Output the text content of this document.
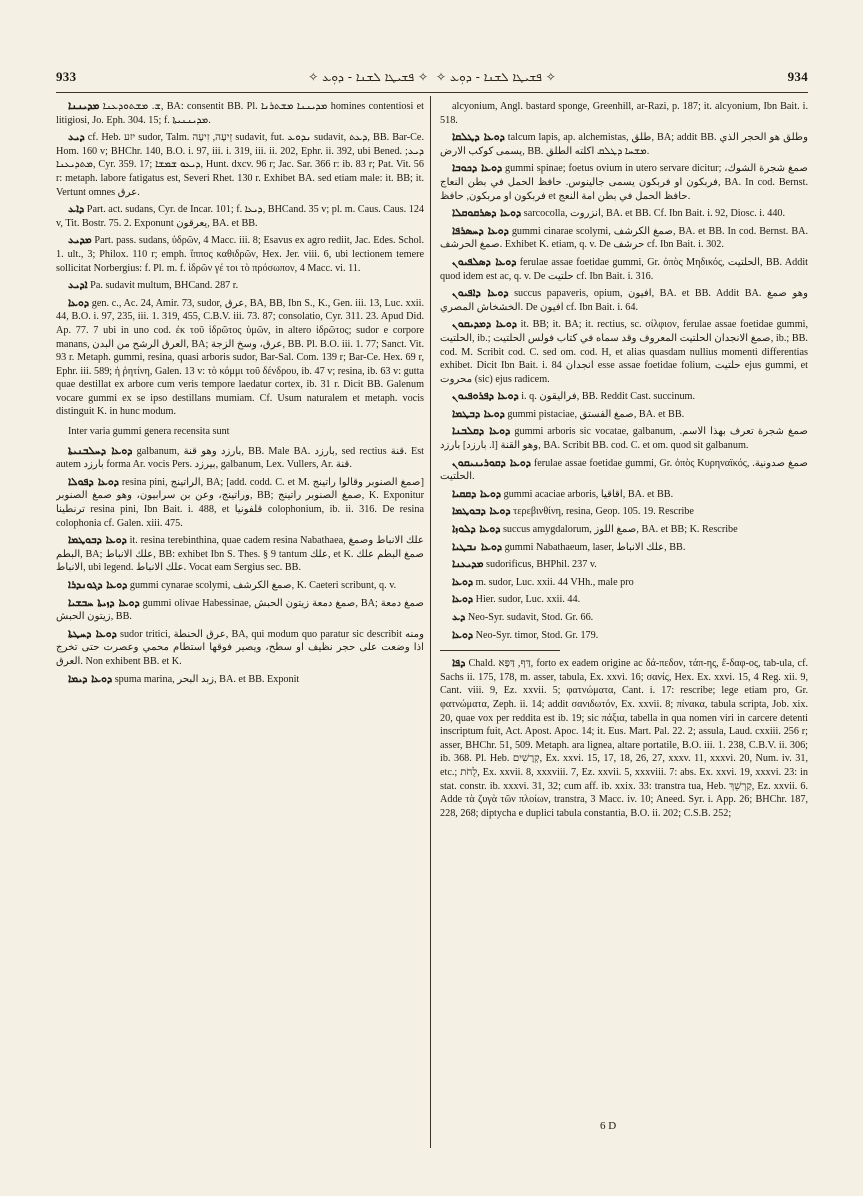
933	✧ ܦܫܝܛܐ ܠܫܢܐ - ܕܘܼܥ ✧ ✧ ܦܫܝܛܐ ܠܫܢܐ - ܕܘܼܥ ✧	934

ܡܕܝܢܢܐ ܫ. ܡܫܬܘܕܥܢܐ, BA: consentit BB. Pl. ܡܕܝܢܢܐ ܡܫܬܪܢܐ homines contentiosi et litigiosi, Jo. Eph. 304. 15; f. ܡܕܝܢܢܝܬܐ.

ܕܝܥ cf. Heb. יזע sudor, Talm. זֵיעָה, זִיעָה sudavit, fut. ܢܕܘܥ sudavit, ܕܥܬ, BB. Bar-Ce. Hom. 160 v; BHChr. 140, B.O. i. 97, iii. i. 319, iii. ii. 202, Ephr. ii. 392, ubi Bened. ܕܝܥ; ܡܬܕܝܥܢܐ, Cyr. 359. 17; ܕܝܥܘ ܫܡܫܐ, Hunt. dxcv. 96 r; Jac. Sar. 366 r: ib. 83 r; Pat. Vit. 56 r: metaph. labore fatigatus est, Severi Rhet. 130 r. Exhibet BA. sed etiam male: it. BB; it. Vertunt omnes عرق.

ܕܐܥ Part. act. sudans, Cyr. de Incar. 101; f. ܕܝܥܐ, BHCand. 35 v; pl. m. Caus. Caus. 124 v, Tit. Bostr. 75. 2. Exponunt يعرقون, BA. et BB.

ܡܕܝܥ Part. pass. sudans, ὑδρῶν, 4 Macc. iii. 8; Esavus ex agro rediit, Jac. Edes. Schol. 1. ult., 3; Philox. 110 r; emph. ἵππος καθιδρῶν, Hex. Jer. viii. 6, ubi lectionem temere sollicitat Norbergius: f. Pl. m. f. ἱδρῶν γέ τοι τὸ πρόσωπον, 4 Macc. vi. 11.

ܐܕܝܥ Pa. sudavit multum, BHCand. 287 r.

ܕܘܥܐ gen. c., Ac. 24, Amir. 73, sudor, عرق, BA, BB, Ibn S., K., Gen. iii. 13, Luc. xxii. 44, B.O. i. 97, 235, iii. 1. 319, 455, C.B.V. iii. 73. 87; consolatio, Cyr. 311. 23. Apud Did. Ap. 77. 7 ubi in uno cod. ἐκ τοῦ ἱδρῶτος ὑμῶν, in altero ἱδρῶτος; sudor e corpore manans, العرق الرشح من البدن, BA; عرق، وسخ الزجة, BB. Pl. B.O. iii. 1. 77; Sanct. Vit. 93 r. Metaph. gummi, resina, quasi arboris sudor, Bar-Sal. Com. 139 r; Bar-Ce. Hex. 69 r, Ephr. iii. 589; ἡ ῥητίνη, Galen. 13 v: τὸ κόμμι τοῦ δένδρου, ib. 47 v; resina, ib. 63 v: gutta quae destillat ex arbore cum veris tempore laedatur cortex, ib. 31 r. Dicit BB. Galenum vocare gummi ex se ipso destillans mumiam. Cf. Usum naturalem et metaph. vocis distinguit K. in hunc modum.

Inter varia gummi genera recensita sunt

ܕܘܥܐ ܕܚܠܒܢܝܬܐ galbanum, بارزد وهو قنة, BB. Male BA. بارزد, sed rectius قنة. Est autem بارزد forma Ar. vocis Pers. بيرزد, galbanum, Lex. Vullers, Ar. قنة.

ܕܘܥܐ ܕܦܘܠܐ resina pini, الراتينج, BA; [add. codd. C. et M. صمغ الصنوبر وقالوا راتينج] وراتينج، وعن بن سرابيون، وهو صمغ الصنوبر, BB; صمغ الصنوبر راتينج, K. Exponitur ترنطينا resina pini, Ibn Bait. i. 488, et قلفونيا colophonium, ib. ii. 316. De resina colophonia cf. Galen. xiii. 475.

ܕܘܥܐ ܕܒܘܛܡܐ it. resina terebinthina, quae cadem resina Nabathaea, علك الانباط وصمغ البطم, BA; علك الانباط, BB: exhibet Ibn S. Thes. § 9 tantum علك, et K. صمغ البطم علك الانباط, ubi legend. علك الانباط. Vocat eam Sergius sec. BB.

ܕܘܥܐ ܕܓܘܢܕܪܐ gummi cynarae scolymi, صمغ الكرشف, K. Caeteri scribunt, q. v.

ܕܘܥܐ ܕܙܝܬܐ ܚܒܫܝܐ gummi olivae Habessinae, صمغ دمعة زيتون الحبش, BA; صمغ دمعة زيتون الحبش, BB.

ܕܘܥܐ ܕܚܛܬܐ sudor tritici, عرق الحنطة, BA, qui modum quo paratur sic describit ومنه اذا وضعت على حجر نظيف او سطح، ويصير فوقها استطام محمي وعصرت حتى تخرج العرق. Non exhibent BB. et K.

ܕܘܥܐ ܕܝܡܐ spuma marina, زبد البحر, BA. et BB. Exponit

alcyonium, Angl. bastard sponge, Greenhill, ar-Razi, p. 187; it. alcyonium, Ibn Bait. i. 518.

ܕܘܥܐ ܕܛܠܩܐ talcum lapis, ap. alchemistas, طلق, BA; addit BB. وطلق هو الحجر الذي يسمى كوكب الارض, BB. ܡܫܚܐ ܕܛܠܩ اكلته الطلق.

ܕܘܥܐ ܕܟܘܒܐ gummi spinae; foetus ovium in utero servare dicitur; صمغ شجرة الشوك، فربكون او فربكون يسمى جالينوس. حافظ الحمل في بطن النعاج, BA. In cod. Bernst. فربكون او مربكون, حافظ et حافظ الحمل في بطن امة النعج.

ܕܘܥܐ ܕܣܪܩܘܩܠܐ sarcocolla, انزروت, BA. et BB. Cf. Ibn Bait. i. 92, Diosc. i. 440.

ܕܘܥܐ ܕܚܣܪܦܐ gummi cinarae scolymi, صمغ الكرشف, BA. et BB. In cod. Bernst. BA. صمغ الحرشف. Exhibet K. etiam, q. v. De حرشف cf. Ibn Bait. i. 302.

ܕܘܥܐ ܕܣܠܦܝܘܢ ferulae assae foetidae gummi, Gr. ὀπὸς Μηδικός, الحلتيت, BB. Addit quod idem est ac, q. v. De حلتيت cf. Ibn Bait. i. 316.

ܕܘܥܐ ܕܐܦܝܘܢ succus papaveris, opium, افيون, BA. et BB. Addit BA. وهو صمغ الخشخاش المصري. De افيون cf. Ibn Bait. i. 64.

ܕܘܥܐ ܕܡܕܝܩܘܢ it. BB; it. BA; it. rectius, sc. σίλφιον, ferulae assae foetidae gummi, الحلتيت, ib.; صمغ الانجدان الحلتيت المعروف وقد سماه في كتاب فولس الحلتيت, ib.; BB. cod. M. Scribit cod. C. sed om. cod. H, et alias quasdam nullius momenti differentias exhibet. Dicit Ibn Bait. i. 84 انجدان esse assae foetidae folium, حلتيت ejus gummi, et محروت (sic) ejus radicem.

ܕܘܥܐ ܕܦܪܘܦܝܘܢ i. q. فراليقون, BB. Reddit Cast. succinum.

ܕܘܥܐ ܕܒܛܡܐ gummi pistaciae, صمغ الفستق, BA. et BB.

ܕܘܥܐ ܕܩܠܒܢܐ gummi arboris sic vocatae, galbanum, صمغ شجرة تعرف بهذا الاسم. بارزد [بارزد .l] وهو القنة, BA. Scribit BB. cod. C. et om. quod sit galbanum.

ܕܘܥܐ ܕܩܘܪܝܢܝܩܘܢ ferulae assae foetidae gummi, Gr. ὀπὸς Κυρηναϊκός, صمغ صدونية. الحلتيت.

ܕܘܥܐ ܕܩܩܝܐ gummi acaciae arboris, اقاقيا, BA. et BB.

ܕܘܥܐ ܕܒܘܛܡܐ τερεβινθίνη, resina, Geop. 105. 19. Rescribe

ܕܘܥܐ ܕܠܘܙܐ succus amygdalorum, صمغ اللوز, BA. et BB; K. Rescribe

ܕܘܥܐ ܢܒܛܝܐ gummi Nabathaeum, laser, علك الانباط, BB.

ܡܕܝܥܢܐ sudorificus, BHPhil. 237 v.

ܕܘܥܐ m. sudor, Luc. xxii. 44 VHh., male pro

ܕܘܥܐ Hier. sudor, Luc. xxii. 44.

ܕܥ Neo-Syr. sudavit, Stod. Gr. 66.

ܕܘܥܐ Neo-Syr. timor, Stod. Gr. 179.

ܕܦܐ Chald. דַּף, דַּפָּא, forto ex eadem origine ac δά-πεδον, τάπ-ης, ἔ-δαφ-ος, tab-ula, cf. Sachs ii. 175, 178, m. asser, tabula, Ex. xxvi. 16; σανίς, Hex. Ex. xxvi. 15, 4 Reg. xii. 9, Cant. viii. 9, Ez. xxvii. 5; φατνώματα, Cant. i. 17: rescribe; lege etiam pro, Gr. φατνώματα, Zeph. ii. 14; addit σανιδωτόν, Ex. xxvii. 8; πίνακα, tabula scripta, Job. xix. 20, quae vox per reddita est ib. 19; sic πάξια, tabella in qua nomen viri in carcere detenti inscriptum fuit, Act. Apost. Apoc. 14; it. Eus. Mart. Pal. 22. 2; assula, Laud. cxxiii. 256 r; asser, BHChr. 51, 509. Metaph. ara lignea, altare portatile, B.O. iii. 1. 238, C.B.V. ii. 306; ib. 368. Pl. Heb. קְרָשִׁים, Ex. xxvi. 15, 17, 18, 26, 27, xxxv. 11, xxxvi. 20, Num. iv. 31, etc.; לֻחֹת, Ex. xxvii. 8, xxxviii. 7, Ez. xxvii. 5, xxxviii. 7: abs. Ex. xxvi. 19, xxxvi. 23: in stat. constr. ib. xxxvi. 31, 32; cum aff. ib. xxix. 33: transtra tua, Heb. קַרְשֵׁךְ, Ez. xxvii. 6. Adde τὰ ζυγὰ τῶν πλοίων, transtra, 3 Macc. iv. 10; Aneed. Syr. i. App. 26; BHChr. 187, 228, 268; diptycha e duplici tabula constantia, B.O. ii. 202; C.S.B. 252;

6 D
